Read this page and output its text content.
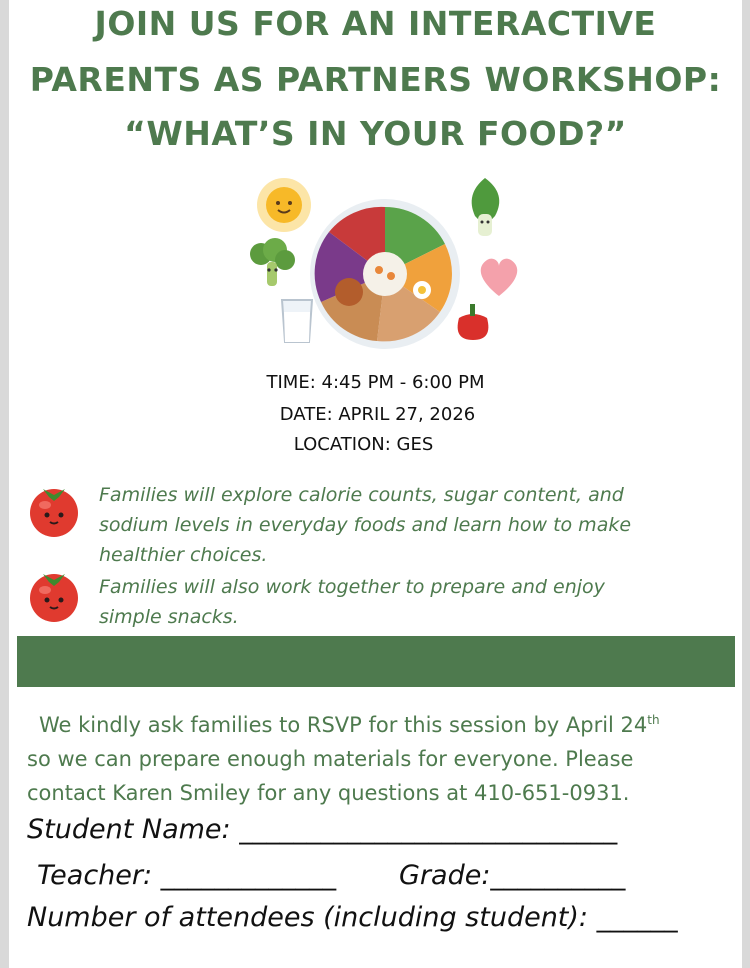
JOIN US FOR AN INTERACTIVE
PARENTS AS PARTNERS WORKSHOP:
“WHAT’S IN YOUR FOOD?”
TIME: 4:45 PM - 6:00 PM
DATE: APRIL 27, 2026
LOCATION: GES
Families will explore calorie counts, sugar content, and
sodium levels in everyday foods and learn how to make
healthier choices.
Families will also work together to prepare and enjoy
simple snacks.
We kindly ask families to RSVP for this session by April 24th
so we can prepare enough materials for everyone. Please
contact Karen Smiley for any questions at 410-651-0931.
Student Name: ____________________________
Teacher: _____________ Grade:__________
Number of attendees (including student): ______
